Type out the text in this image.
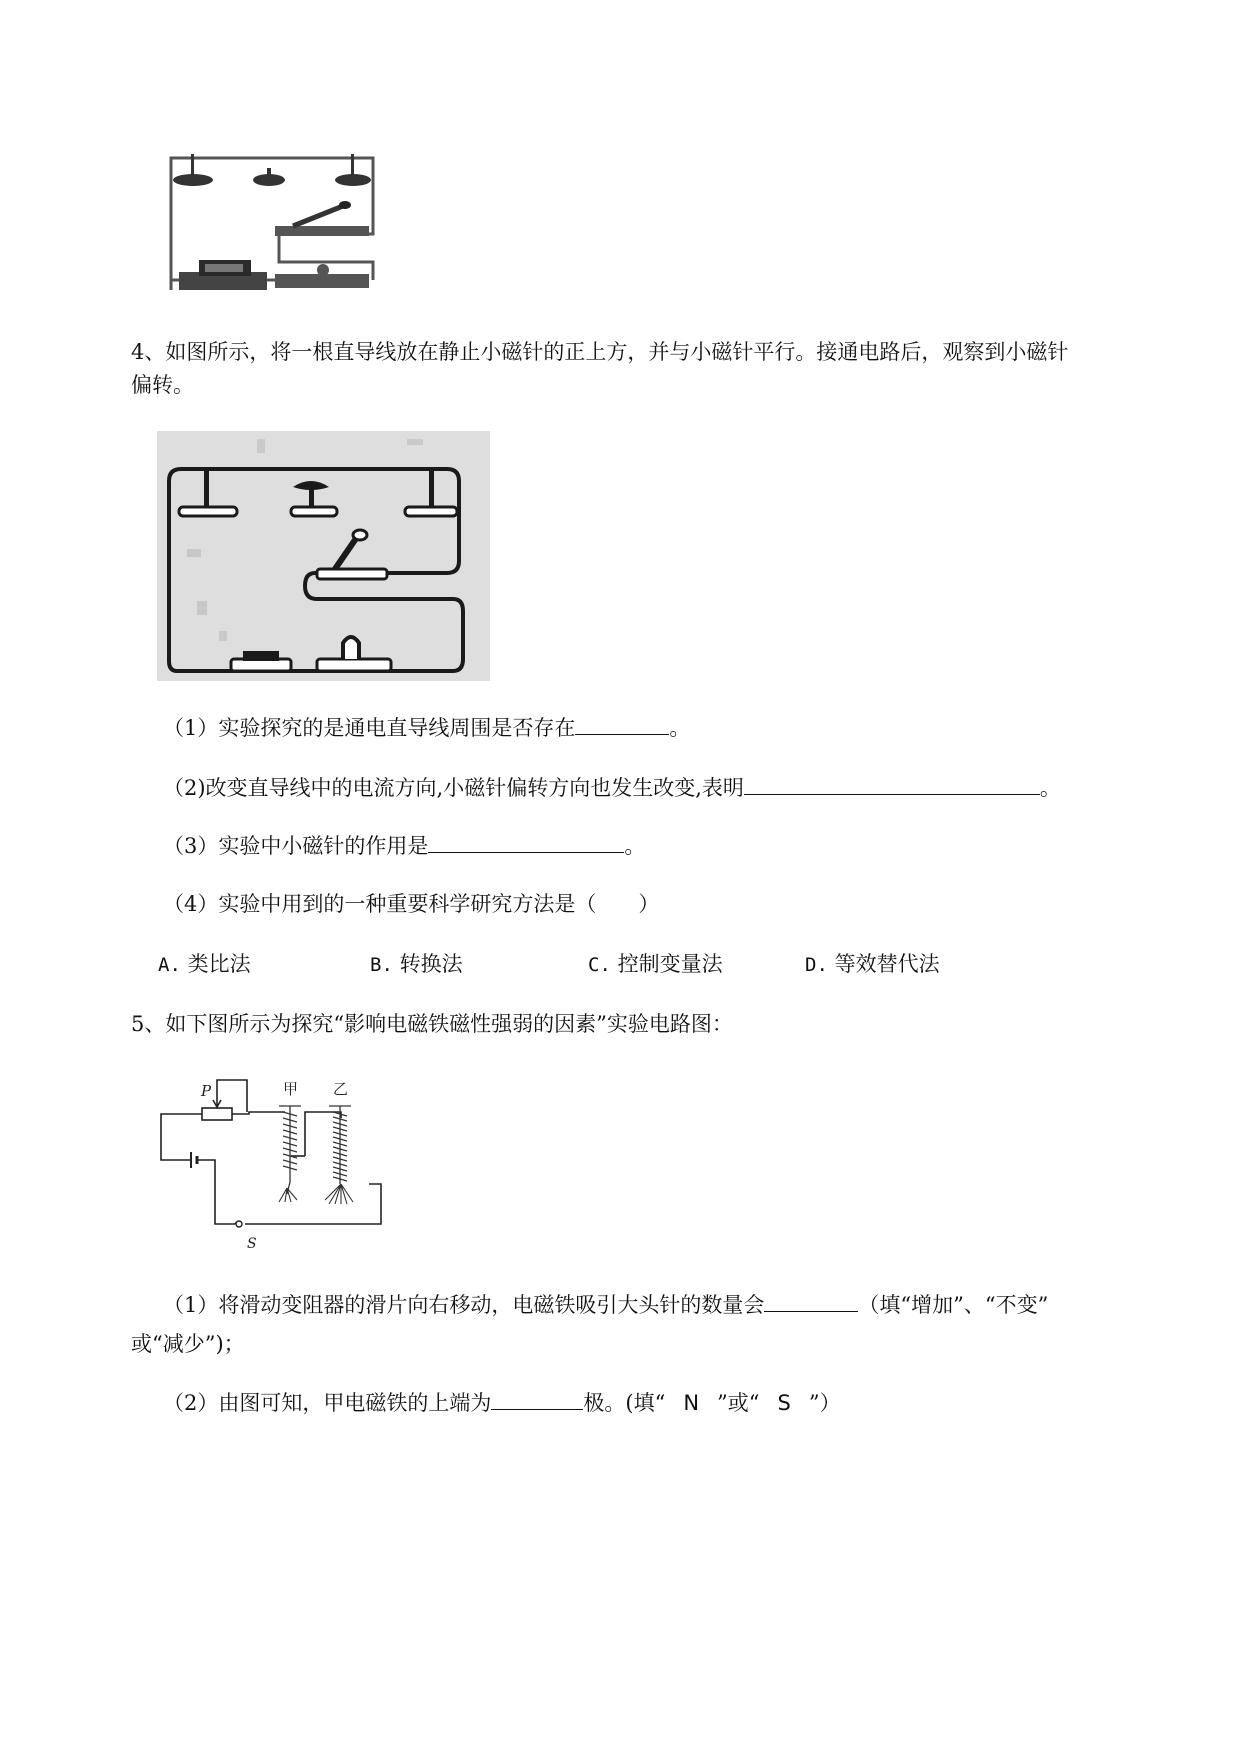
4、如图所示，将一根直导线放在静止小磁针的正上方，并与小磁针平行。接通电路后，观察到小磁针
偏转。
（1）实验探究的是通电直导线周围是否存在	。
（2)改变直导线中的电流方向,小磁针偏转方向也发生改变,表明	。
（3）实验中小磁针的作用是	。
（4）实验中用到的一种重要科学研究方法是（　　）
A. 类比法	B. 转换法	C. 控制变量法	D. 等效替代法
5、如下图所示为探究“影响电磁铁磁性强弱的因素”实验电路图：
P	甲 乙
S
（1）将滑动变阻器的滑片向右移动，电磁铁吸引大头针的数量会	（填“增加”、“不变”
或“减少”)；
（2）由图可知，甲电磁铁的上端为	极。(填“ N ”或“ S ”）
